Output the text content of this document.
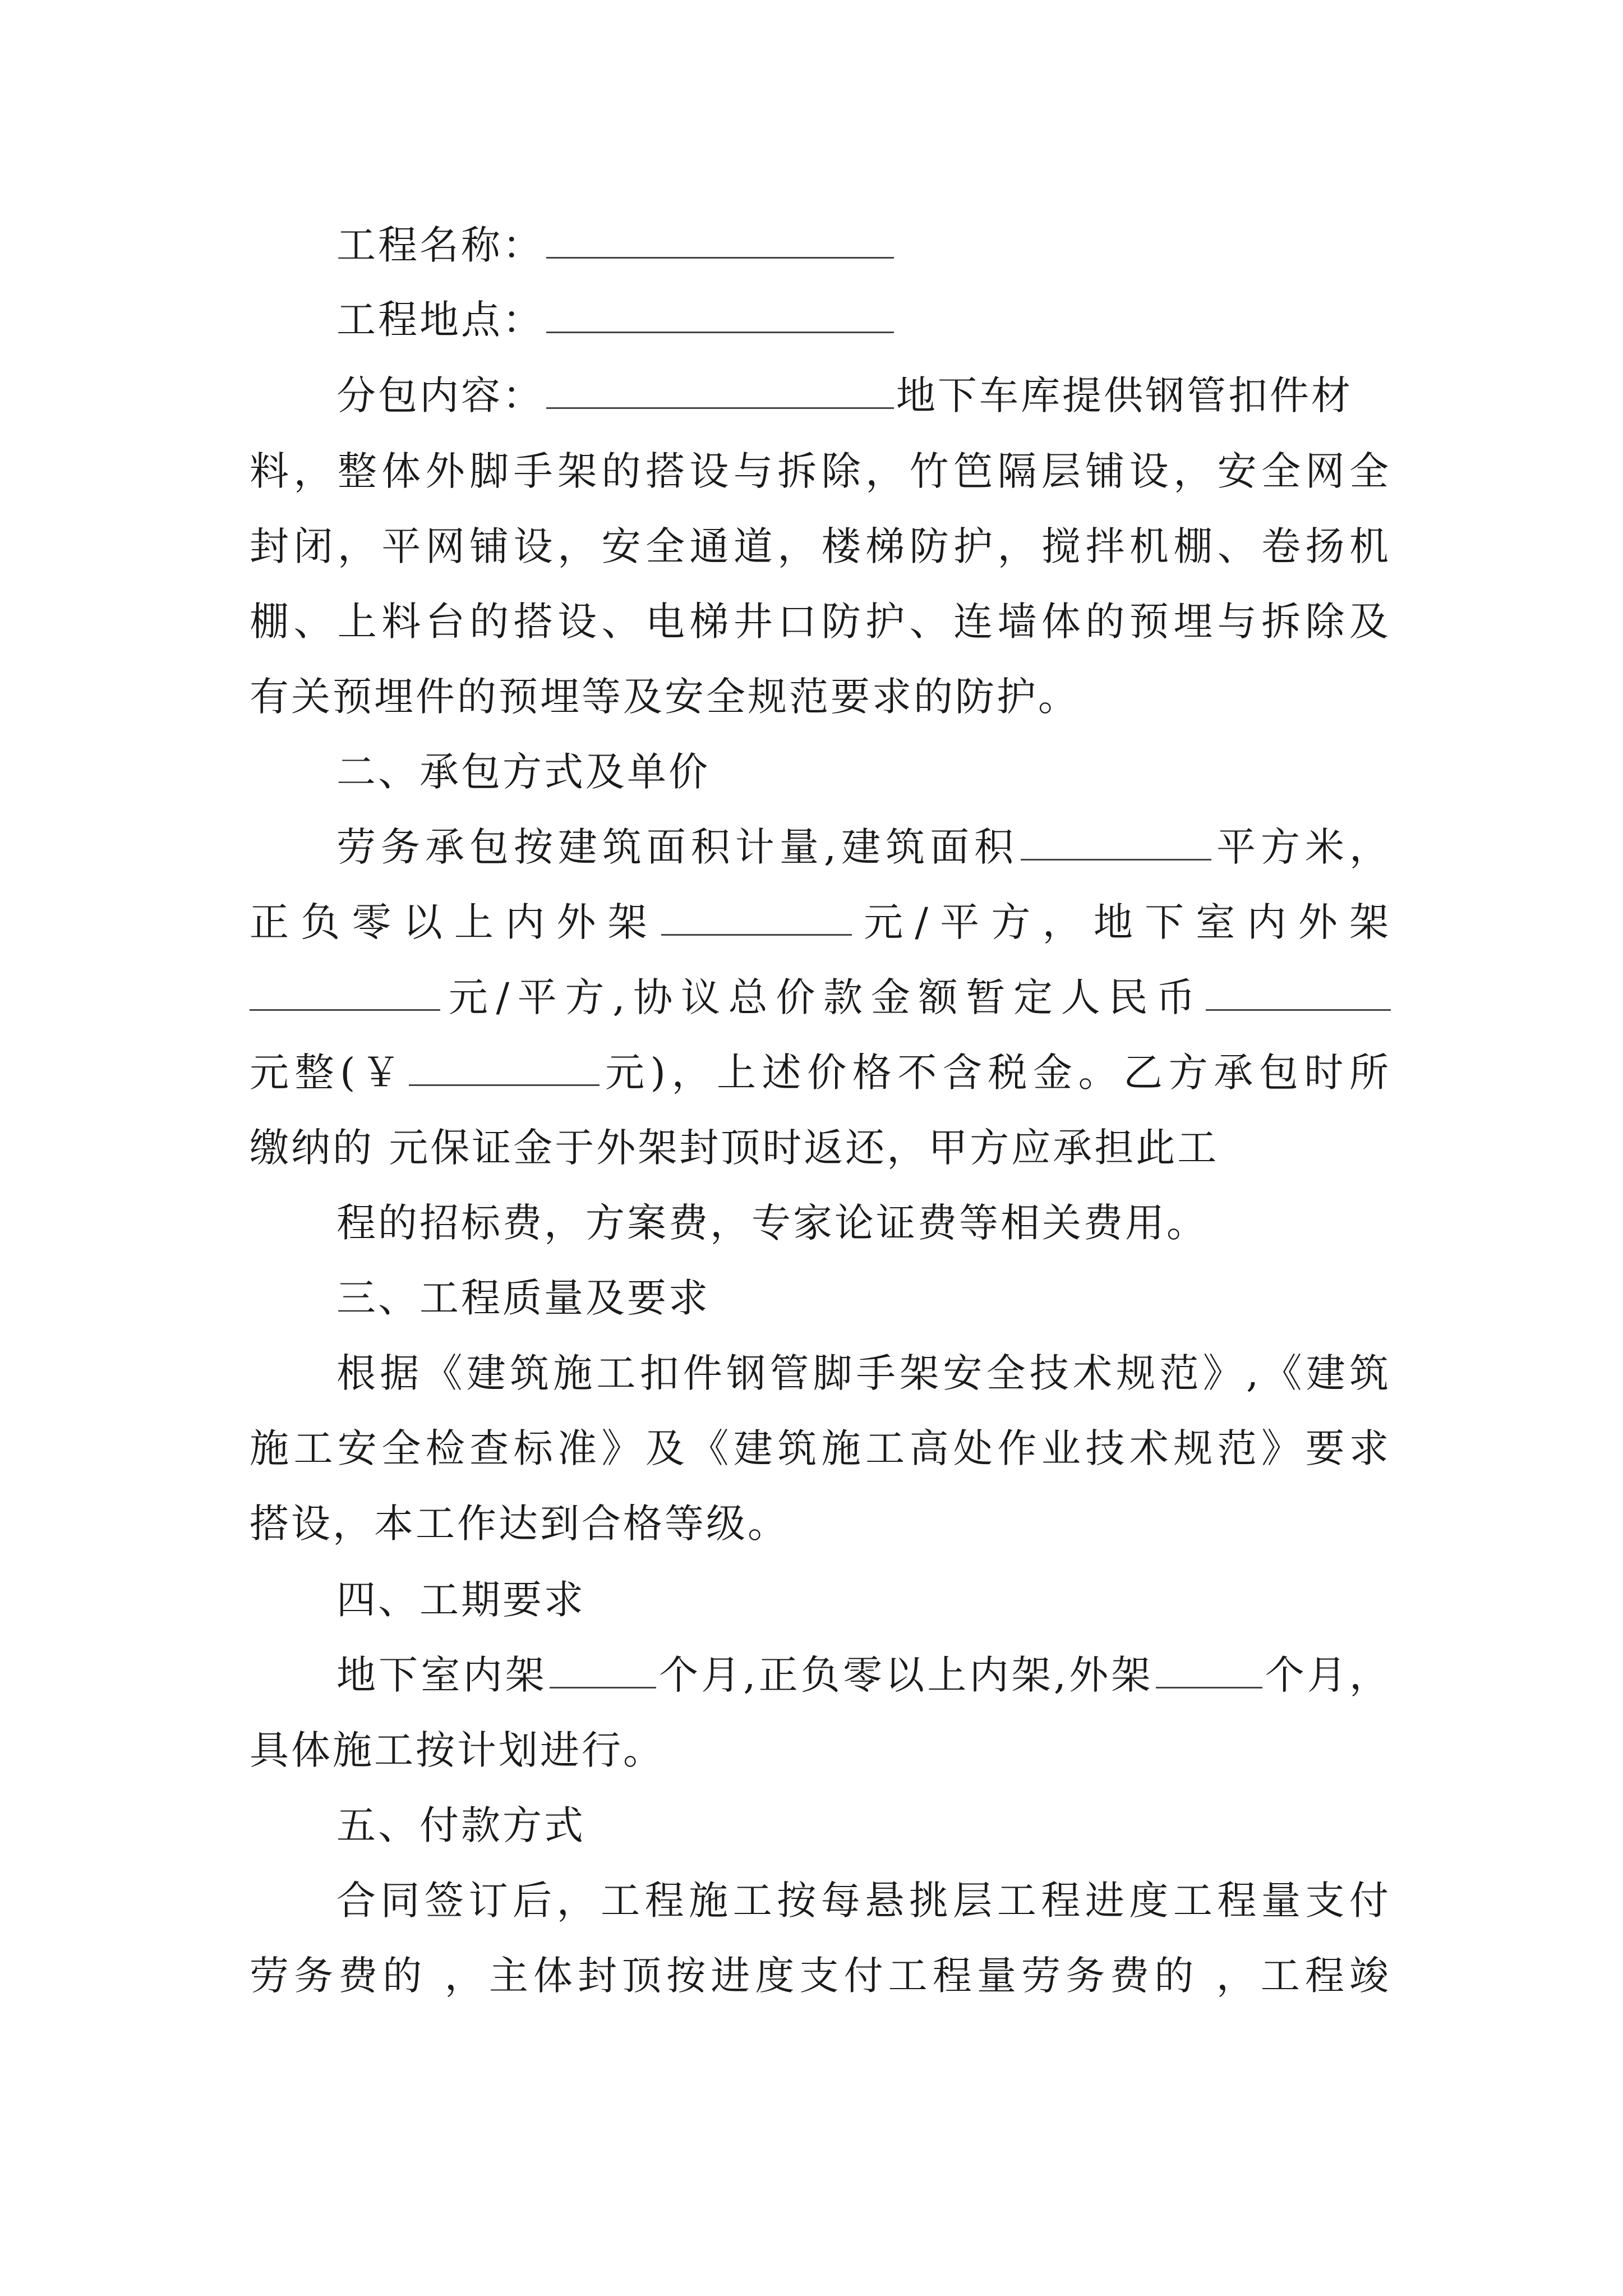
工程名称：
工程地点：
分包内容：	地下车库提供钢管扣件材
料，整体外脚手架的搭设与拆除，竹笆隔层铺设，安全网全
封闭，平网铺设，安全通道，楼梯防护，搅拌机棚、卷扬机
棚、上料台的搭设、电梯井口防护、连墙体的预埋与拆除及
有关预埋件的预埋等及安全规范要求的防护。
二、承包方式及单价
劳务承包按建筑面积计量,建筑面积	平方米，
正负零以上内外架	元/平方，地下室内外架
元/平方,协议总价款金额暂定人民币
元整(￥	元)，上述价格不含税金。乙方承包时所
缴纳的 元保证金于外架封顶时返还，甲方应承担此工
程的招标费，方案费，专家论证费等相关费用。
三、工程质量及要求
根据《建筑施工扣件钢管脚手架安全技术规范》,《建筑
施工安全检查标准》及《建筑施工高处作业技术规范》要求
搭设，本工作达到合格等级。
四、工期要求
地下室内架	个月,正负零以上内架,外架	个月，
具体施工按计划进行。
五、付款方式
合同签订后，工程施工按每悬挑层工程进度工程量支付
劳务费的 ，主体封顶按进度支付工程量劳务费的 ，工程竣
